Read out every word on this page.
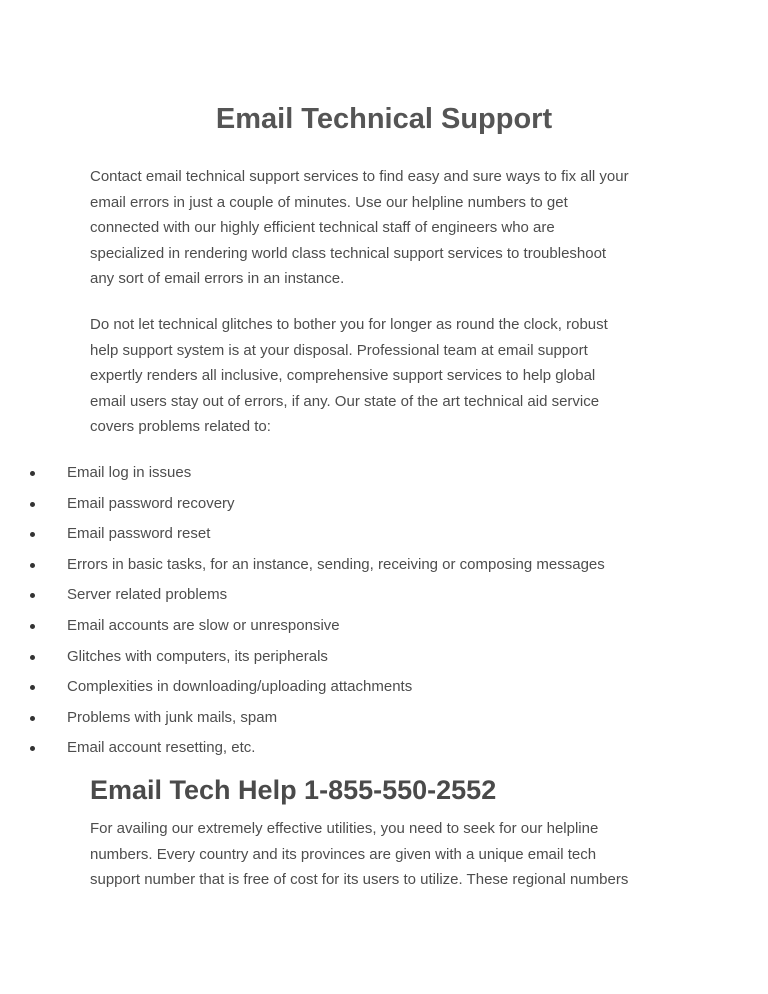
Email Technical Support

Contact email technical support services to find easy and sure ways to fix all your
email errors in just a couple of minutes. Use our helpline numbers to get
connected with our highly efficient technical staff of engineers who are
specialized in rendering world class technical support services to troubleshoot
any sort of email errors in an instance.

Do not let technical glitches to bother you for longer as round the clock, robust
help support system is at your disposal. Professional team at email support
expertly renders all inclusive, comprehensive support services to help global
email users stay out of errors, if any. Our state of the art technical aid service
covers problems related to:

Email log in issues
Email password recovery
Email password reset
Errors in basic tasks, for an instance, sending, receiving or composing messages
Server related problems
Email accounts are slow or unresponsive
Glitches with computers, its peripherals
Complexities in downloading/uploading attachments
Problems with junk mails, spam
Email account resetting, etc.
Email Tech Help 1-855-550-2552

For availing our extremely effective utilities, you need to seek for our helpline
numbers. Every country and its provinces are given with a unique email tech
support number that is free of cost for its users to utilize. These regional numbers
